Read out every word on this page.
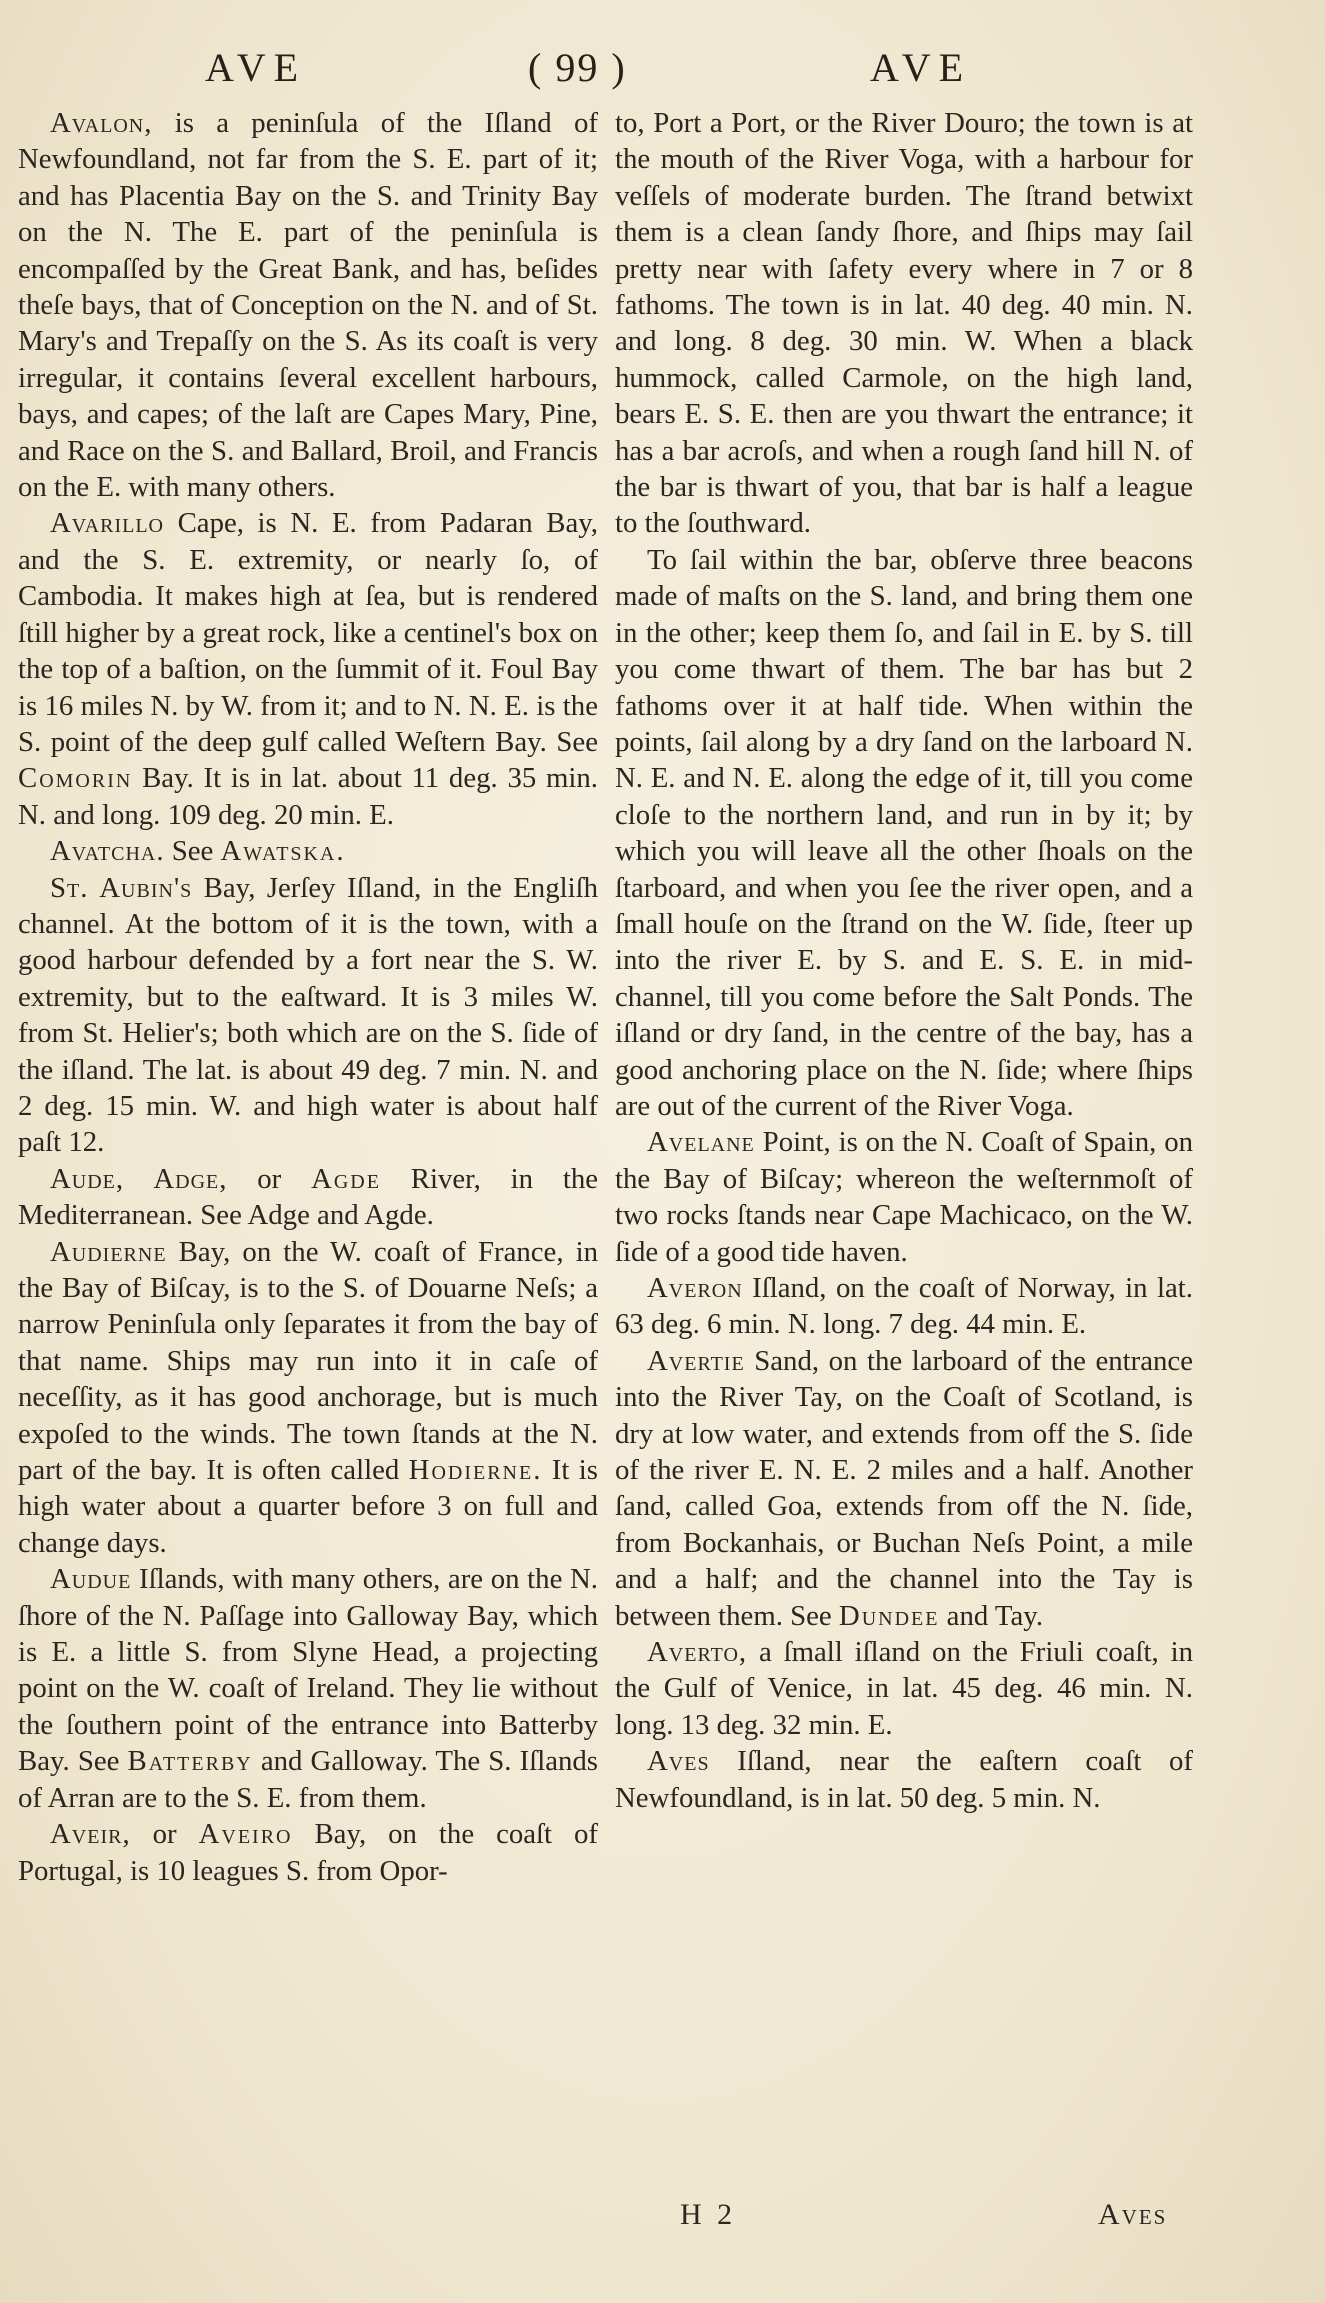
AVE	( 99 )	AVE

Avalon, is a peninſula of the Iſland of Newfoundland, not far from the S. E. part of it; and has Placentia Bay on the S. and Trinity Bay on the N. The E. part of the peninſula is encompaſſed by the Great Bank, and has, beſides theſe bays, that of Conception on the N. and of St. Mary's and Trepaſſy on the S. As its coaſt is very irregular, it contains ſeveral excellent harbours, bays, and capes; of the laſt are Capes Mary, Pine, and Race on the S. and Ballard, Broil, and Francis on the E. with many others.

Avarillo Cape, is N. E. from Padaran Bay, and the S. E. extremity, or nearly ſo, of Cambodia. It makes high at ſea, but is rendered ſtill higher by a great rock, like a centinel's box on the top of a baſtion, on the ſummit of it. Foul Bay is 16 miles N. by W. from it; and to N. N. E. is the S. point of the deep gulf called Weſtern Bay. See Comorin Bay. It is in lat. about 11 deg. 35 min. N. and long. 109 deg. 20 min. E.

Avatcha. See Awatska.

St. Aubin's Bay, Jerſey Iſland, in the Engliſh channel. At the bottom of it is the town, with a good harbour defended by a fort near the S. W. extremity, but to the eaſtward. It is 3 miles W. from St. Helier's; both which are on the S. ſide of the iſland. The lat. is about 49 deg. 7 min. N. and 2 deg. 15 min. W. and high water is about half paſt 12.

Aude, Adge, or Agde River, in the Mediterranean. See Adge and Agde.

Audierne Bay, on the W. coaſt of France, in the Bay of Biſcay, is to the S. of Douarne Neſs; a narrow Peninſula only ſeparates it from the bay of that name. Ships may run into it in caſe of neceſſity, as it has good anchorage, but is much expoſed to the winds. The town ſtands at the N. part of the bay. It is often called Hodierne. It is high water about a quarter before 3 on full and change days.

Audue Iſlands, with many others, are on the N. ſhore of the N. Paſſage into Galloway Bay, which is E. a little S. from Slyne Head, a projecting point on the W. coaſt of Ireland. They lie without the ſouthern point of the entrance into Batterby Bay. See Batterby and Galloway. The S. Iſlands of Arran are to the S. E. from them.

Aveir, or Aveiro Bay, on the coaſt of Portugal, is 10 leagues S. from Opor-

to, Port a Port, or the River Douro; the town is at the mouth of the River Voga, with a harbour for veſſels of moderate burden. The ſtrand betwixt them is a clean ſandy ſhore, and ſhips may ſail pretty near with ſafety every where in 7 or 8 fathoms. The town is in lat. 40 deg. 40 min. N. and long. 8 deg. 30 min. W. When a black hummock, called Carmole, on the high land, bears E. S. E. then are you thwart the entrance; it has a bar acroſs, and when a rough ſand hill N. of the bar is thwart of you, that bar is half a league to the ſouthward.

To ſail within the bar, obſerve three beacons made of maſts on the S. land, and bring them one in the other; keep them ſo, and ſail in E. by S. till you come thwart of them. The bar has but 2 fathoms over it at half tide. When within the points, ſail along by a dry ſand on the larboard N. N. E. and N. E. along the edge of it, till you come cloſe to the northern land, and run in by it; by which you will leave all the other ſhoals on the ſtarboard, and when you ſee the river open, and a ſmall houſe on the ſtrand on the W. ſide, ſteer up into the river E. by S. and E. S. E. in mid-channel, till you come before the Salt Ponds. The iſland or dry ſand, in the centre of the bay, has a good anchoring place on the N. ſide; where ſhips are out of the current of the River Voga.

Avelane Point, is on the N. Coaſt of Spain, on the Bay of Biſcay; whereon the weſternmoſt of two rocks ſtands near Cape Machicaco, on the W. ſide of a good tide haven.

Averon Iſland, on the coaſt of Norway, in lat. 63 deg. 6 min. N. long. 7 deg. 44 min. E.

Avertie Sand, on the larboard of the entrance into the River Tay, on the Coaſt of Scotland, is dry at low water, and extends from off the S. ſide of the river E. N. E. 2 miles and a half. Another ſand, called Goa, extends from off the N. ſide, from Bockanhais, or Buchan Neſs Point, a mile and a half; and the channel into the Tay is between them. See Dundee and Tay.

Averto, a ſmall iſland on the Friuli coaſt, in the Gulf of Venice, in lat. 45 deg. 46 min. N. long. 13 deg. 32 min. E.

Aves Iſland, near the eaſtern coaſt of Newfoundland, is in lat. 50 deg. 5 min. N.

H 2	Aves
